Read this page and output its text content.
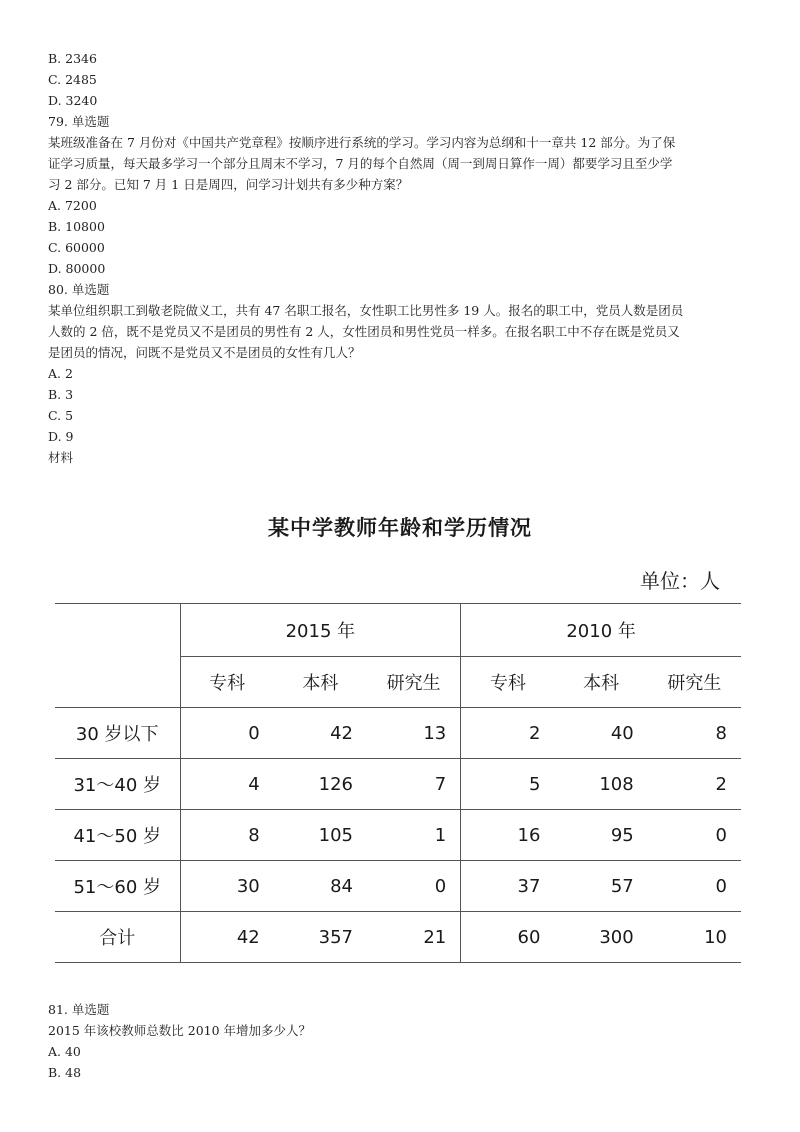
B. 2346
C. 2485
D. 3240
79. 单选题
某班级准备在 7 月份对《中国共产党章程》按顺序进行系统的学习。学习内容为总纲和十一章共 12 部分。为了保
证学习质量，每天最多学习一个部分且周末不学习，7 月的每个自然周（周一到周日算作一周）都要学习且至少学
习 2 部分。已知 7 月 1 日是周四，问学习计划共有多少种方案？
A. 7200
B. 10800
C. 60000
D. 80000
80. 单选题
某单位组织职工到敬老院做义工，共有 47 名职工报名，女性职工比男性多 19 人。报名的职工中，党员人数是团员
人数的 2 倍，既不是党员又不是团员的男性有 2 人，女性团员和男性党员一样多。在报名职工中不存在既是党员又
是团员的情况，问既不是党员又不是团员的女性有几人？
A. 2
B. 3
C. 5
D. 9
材料
某中学教师年龄和学历情况
单位：人
	2015 年			2010 年		
	专科	本科	研究生	专科	本科	研究生
30 岁以下	0	42	13	2	40	8
31～40 岁	4	126	7	5	108	2
41～50 岁	8	105	1	16	95	0
51～60 岁	30	84	0	37	57	0
合计	42	357	21	60	300	10
81. 单选题
2015 年该校教师总数比 2010 年增加多少人？
A. 40
B. 48
